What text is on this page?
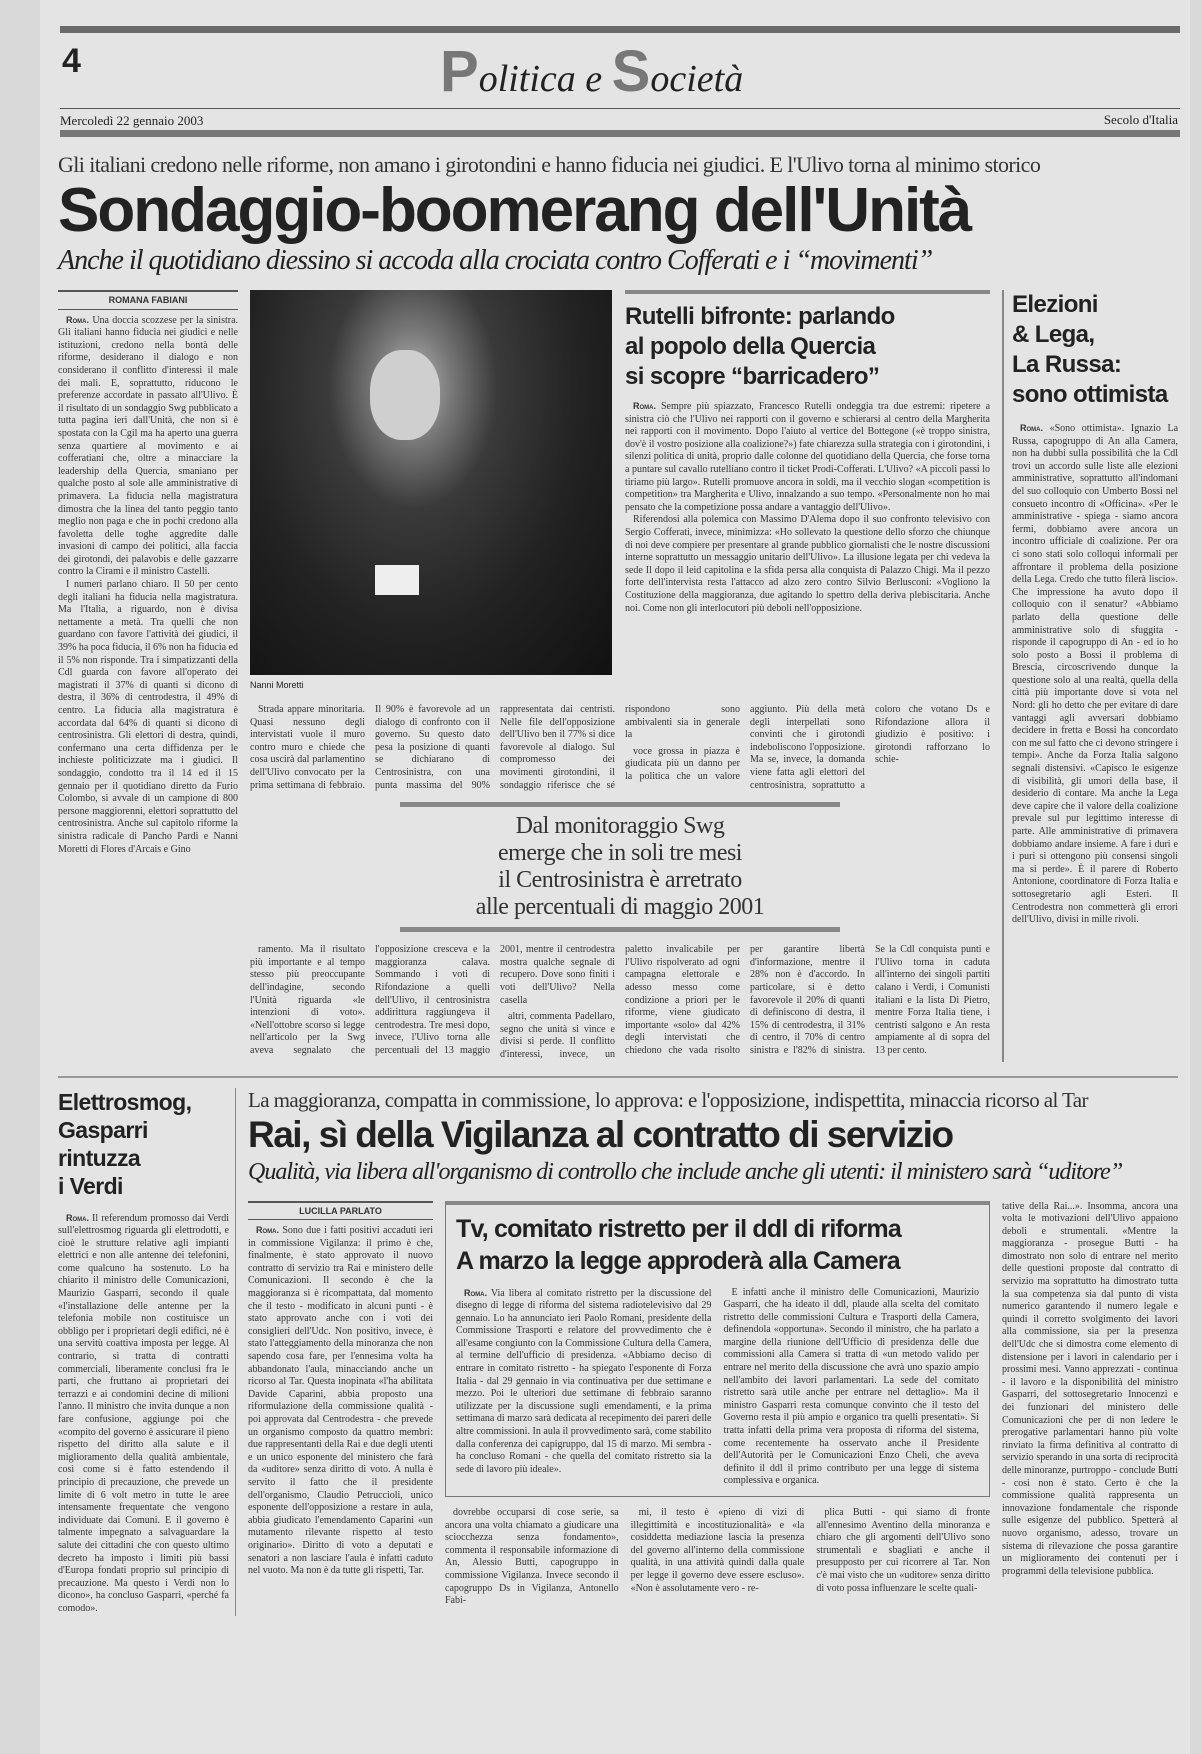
4	Politica e Società
Mercoledì 22 gennaio 2003	Secolo d'Italia
Gli italiani credono nelle riforme, non amano i girotondini e hanno fiducia nei giudici. E l'Ulivo torna al minimo storico
Sondaggio-boomerang dell'Unità
Anche il quotidiano diessino si accoda alla crociata contro Cofferati e i “movimenti”
ROMANA FABIANI

Roma. Una doccia scozzese per la sinistra. Gli italiani hanno fiducia nei giudici e nelle istituzioni, credono nella bontà delle riforme, desiderano il dialogo e non considerano il conflitto d'interessi il male dei mali. E, soprattutto, riducono le preferenze accordate in passato all'Ulivo. È il risultato di un sondaggio Swg pubblicato a tutta pagina ieri dall'Unità, che non si è spostata con la Cgil ma ha aperto una guerra senza quartiere al movimento e ai cofferatiani che, oltre a minacciare la leadership della Quercia, smaniano per qualche posto al sole alle amministrative di primavera. La fiducia nella magistratura dimostra che la linea del tanto peggio tanto meglio non paga e che in pochi credono alla favoletta delle toghe aggredite dalle invasioni di campo dei politici, alla faccia dei girotondi, dei palavobis e delle gazzarre contro la Cirami e il ministro Castelli.

I numeri parlano chiaro. Il 50 per cento degli italiani ha fiducia nella magistratura. Ma l'Italia, a riguardo, non è divisa nettamente a metà. Tra quelli che non guardano con favore l'attività dei giudici, il 39% ha poca fiducia, il 6% non ha fiducia ed il 5% non risponde. Tra i simpatizzanti della Cdl guarda con favore all'operato dei magistrati il 37% di quanti si dicono di destra, il 36% di centrodestra, il 49% di centro. La fiducia alla magistratura è accordata dal 64% di quanti si dicono di centrosinistra. Gli elettori di destra, quindi, confermano una certa diffidenza per le inchieste politicizzate ma i giudici. Il sondaggio, condotto tra il 14 ed il 15 gennaio per il quotidiano diretto da Furio Colombo, si avvale di un campione di 800 persone maggiorenni, elettori soprattutto del centrosinistra. Anche sul capitolo riforme la sinistra radicale di Pancho Pardi e Nanni Moretti di Flores d'Arcais e Gino

Nanni Moretti
Rutelli bifronte: parlando
al popolo della Quercia
si scopre “barricadero”

Roma. Sempre più spiazzato, Francesco Rutelli ondeggia tra due estremi: ripetere a sinistra ciò che l'Ulivo nei rapporti con il governo e schierarsi al centro della Margherita nei rapporti con il movimento. Dopo l'aiuto al vertice del Bottegone («è troppo sinistra, dov'è il vostro posizione alla coalizione?») fate chiarezza sulla strategia con i girotondini, i silenzi politica di unità, proprio dalle colonne del quotidiano della Quercia, che forse torna a puntare sul cavallo rutelliano contro il ticket Prodi-Cofferati. L'Ulivo? «A piccoli passi lo tiriamo più largo». Rutelli promuove ancora in soldi, ma il vecchio slogan «competition is competition» tra Margherita e Ulivo, innalzando a suo tempo. «Personalmente non ho mai pensato che la competizione possa andare a vantaggio dell'Ulivo».

Riferendosi alla polemica con Massimo D'Alema dopo il suo confronto televisivo con Sergio Cofferati, invece, minimizza: «Ho sollevato la questione dello sforzo che chiunque di noi deve compiere per presentare al grande pubblico giornalisti che le nostre discussioni interne soprattutto un messaggio unitario dell'Ulivo». La illusione legata per chi vedeva la sede Il dopo il leid capitolina e la sfida persa alla conquista di Palazzo Chigi. Ma il pezzo forte dell'intervista resta l'attacco ad alzo zero contro Silvio Berlusconi: «Vogliono la Costituzione della maggioranza, due agitando lo spettro della deriva plebiscitaria. Anche noi. Come non gli interlocutori più deboli nell'opposizione.

Strada appare minoritaria. Quasi nessuno degli intervistati vuole il muro contro muro e chiede che cosa uscirà dal parlamentino dell'Ulivo convocato per la prima settimana di febbraio. Il 90% è favorevole ad un dialogo di confronto con il governo. Su questo dato pesa la posizione di quanti se dichiarano di Centrosinistra, con una punta massima del 90% rappresentata dai centristi. Nelle file dell'opposizione dell'Ulivo ben il 77% si dice favorevole al dialogo. Sul compromesso dei movimenti girotondini, il sondaggio riferisce che sé rispondono sono ambivalenti sia in generale la

voce grossa in piazza è giudicata più un danno per la politica che un valore aggiunto. Più della metà degli interpellati sono convinti che i girotondi indeboliscono l'opposizione. Ma se, invece, la domanda viene fatta agli elettori del centrosinistra, soprattutto a coloro che votano Ds e Rifondazione allora il giudizio è positivo: i girotondi rafforzano lo schie-

Dal monitoraggio Swg
emerge che in soli tre mesi
il Centrosinistra è arretrato
alle percentuali di maggio 2001

ramento. Ma il risultato più importante e al tempo stesso più preoccupante dell'indagine, secondo l'Unità riguarda «le intenzioni di voto». «Nell'ottobre scorso si legge nell'articolo per la Swg aveva segnalato che l'opposizione cresceva e la maggioranza calava. Sommando i voti di Rifondazione a quelli dell'Ulivo, il centrosinistra addirittura raggiungeva il centrodestra. Tre mesi dopo, invece, l'Ulivo torna alle percentuali del 13 maggio 2001, mentre il centrodestra mostra qualche segnale di recupero. Dove sono finiti i voti dell'Ulivo? Nella casella

altri, commenta Padellaro, segno che unità si vince e divisi si perde. Il conflitto d'interessi, invece, un paletto invalicabile per l'Ulivo rispolverato ad ogni campagna elettorale e adesso messo come condizione a priori per le riforme, viene giudicato importante «solo» dal 42% degli intervistati che chiedono che vada risolto per garantire libertà d'informazione, mentre il 28% non è d'accordo. In particolare, si è detto favorevole il 20% di quanti di definiscono di destra, il 15% di centrodestra, il 31% di centro, il 70% di centro sinistra e l'82% di sinistra. Se la Cdl conquista punti e l'Ulivo torna in caduta all'interno dei singoli partiti calano i Verdi, i Comunisti italiani e la lista Di Pietro, mentre Forza Italia tiene, i centristi salgono e An resta ampiamente al di sopra del 13 per cento.

Elezioni
& Lega,
La Russa:
sono ottimista

Roma. «Sono ottimista». Ignazio La Russa, capogruppo di An alla Camera, non ha dubbi sulla possibilità che la Cdl trovi un accordo sulle liste alle elezioni amministrative, soprattutto all'indomani del suo colloquio con Umberto Bossi nel consueto incontro di «Officina». «Per le amministrative - spiega - siamo ancora fermi, dobbiamo avere ancora un incontro ufficiale di coalizione. Per ora ci sono stati solo colloqui informali per affrontare il problema della posizione della Lega. Credo che tutto filerà liscio». Che impressione ha avuto dopo il colloquio con il senatur? «Abbiamo parlato della questione delle amministrative solo di sfuggita - risponde il capogruppo di An - ed io ho solo posto a Bossi il problema di Brescia, circoscrivendo dunque la questione solo al una realtà, quella della città più importante dove si vota nel Nord: gli ho detto che per evitare di dare vantaggi agli avversari dobbiamo decidere in fretta e Bossi ha concordato con me sul fatto che ci devono stringere i tempi». Anche da Forza Italia salgono segnali distensivi. «Capisco le esigenze di visibilità, gli umori della base, il desiderio di contare. Ma anche la Lega deve capire che il valore della coalizione prevale sul pur legittimo interesse di parte. Alle amministrative di primavera dobbiamo andare insieme. A fare i duri e i puri si ottengono più consensi singoli ma si perde». È il parere di Roberto Antonione, coordinatore di Forza Italia e sottosegretario agli Esteri. Il Centrodestra non commetterà gli errori dell'Ulivo, divisi in mille rivoli.

Elettrosmog,
Gasparri
rintuzza
i Verdi

Roma. Il referendum promosso dai Verdi sull'elettrosmog riguarda gli elettrodotti, e cioè le strutture relative agli impianti elettrici e non alle antenne dei telefonini, come qualcuno ha sostenuto. Lo ha chiarito il ministro delle Comunicazioni, Maurizio Gasparri, secondo il quale «l'installazione delle antenne per la telefonia mobile non costituisce un obbligo per i proprietari degli edifici, né è una servitù coattiva imposta per legge. Al contrario, si tratta di contratti commerciali, liberamente conclusi fra le parti, che fruttano ai proprietari dei terrazzi e ai condomini decine di milioni l'anno. Il ministro che invita dunque a non fare confusione, aggiunge poi che «compito del governo è assicurare il pieno rispetto del diritto alla salute e il miglioramento della qualità ambientale, così come si è fatto estendendo il principio di precauzione, che prevede un limite di 6 volt metro in tutte le aree intensamente frequentate che vengono individuate dai Comuni. E il governo è talmente impegnato a salvaguardare la salute dei cittadini che con questo ultimo decreto ha imposto i limiti più bassi d'Europa fondati proprio sul principio di precauzione. Ma questo i Verdi non lo dicono», ha concluso Gasparri, «perché fa comodo».

La maggioranza, compatta in commissione, lo approva: e l'opposizione, indispettita, minaccia ricorso al Tar
Rai, sì della Vigilanza al contratto di servizio
Qualità, via libera all'organismo di controllo che include anche gli utenti: il ministero sarà “uditore”
LUCILLA PARLATO

Roma. Sono due i fatti positivi accaduti ieri in commissione Vigilanza: il primo è che, finalmente, è stato approvato il nuovo contratto di servizio tra Rai e ministero delle Comunicazioni. Il secondo è che la maggioranza si è ricompattata, dal momento che il testo - modificato in alcuni punti - è stato approvato anche con i voti dei consiglieri dell'Udc. Non positivo, invece, è stato l'atteggiamento della minoranza che non sapendo cosa fare, per l'ennesima volta ha abbandonato l'aula, minacciando anche un ricorso al Tar. Questa inopinata «l'ha abilitata Davide Caparini, abbia proposto una riformulazione della commissione qualità - poi approvata dal Centrodestra - che prevede un organismo composto da quattro membri: due rappresentanti della Rai e due degli utenti e un unico esponente del ministero che farà da «uditore» senza diritto di voto. A nulla è servito il fatto che il presidente dell'organismo, Claudio Petruccioli, unico esponente dell'opposizione a restare in aula, abbia giudicato l'emendamento Caparini «un mutamento rilevante rispetto al testo originario». Diritto di voto a deputati e senatori a non lasciare l'aula è infatti caduto nel vuoto. Ma non è da tutte gli rispetti, Tar.

Tv, comitato ristretto per il ddl di riforma
A marzo la legge approderà alla Camera

Roma. Via libera al comitato ristretto per la discussione del disegno di legge di riforma del sistema radiotelevisivo dal 29 gennaio. Lo ha annunciato ieri Paolo Romani, presidente della Commissione Trasporti e relatore del provvedimento che è all'esame congiunto con la Commissione Cultura della Camera, al termine dell'ufficio di presidenza. «Abbiamo deciso di entrare in comitato ristretto - ha spiegato l'esponente di Forza Italia - dal 29 gennaio in via continuativa per due settimane e mezzo. Poi le ulteriori due settimane di febbraio saranno utilizzate per la discussione sugli emendamenti, e la prima settimana di marzo sarà dedicata al recepimento dei pareri delle altre commissioni. In aula il provvedimento sarà, come stabilito dalla conferenza dei capigruppo, dal 15 di marzo. Mi sembra - ha concluso Romani - che quella del comitato ristretto sia la sede di lavoro più ideale».

E infatti anche il ministro delle Comunicazioni, Maurizio Gasparri, che ha ideato il ddl, plaude alla scelta del comitato ristretto delle commissioni Cultura e Trasporti della Camera, definendola «opportuna». Secondo il ministro, che ha parlato a margine della riunione dell'Ufficio di presidenza delle due commissioni alla Camera si tratta di «un metodo valido per entrare nel merito della discussione che avrà uno spazio ampio nell'ambito dei lavori parlamentari. La sede del comitato ristretto sarà utile anche per entrare nel dettaglio». Ma il ministro Gasparri resta comunque convinto che il testo del Governo resta il più ampio e organico tra quelli presentati». Si tratta infatti della prima vera proposta di riforma del sistema, come recentemente ha osservato anche il Presidente dell'Autorità per le Comunicazioni Enzo Cheli, che aveva definito il ddl il primo contributo per una legge di sistema complessiva e organica.

dovrebbe occuparsi di cose serie, sa ancora una volta chiamato a giudicare una sciocchezza senza fondamento», commenta il responsabile informazione di An, Alessio Butti, capogruppo in commissione Vigilanza. Invece secondo il capogruppo Ds in Vigilanza, Antonello Fabi-

mi, il testo è «pieno di vizi di illegittimità e incostituzionalità» e «la cosiddetta mediazione lascia la presenza del governo all'interno della commissione qualità, in una attività quindi dalla quale per legge il governo deve essere escluso». «Non è assolutamente vero - re-

plica Butti - qui siamo di fronte all'ennesimo Aventino della minoranza e chiaro che gli argomenti dell'Ulivo sono strumentali e sbagliati e anche il presupposto per cui ricorrere al Tar. Non c'è mai visto che un «uditore» senza diritto di voto possa influenzare le scelte quali-

tative della Rai...». Insomma, ancora una volta le motivazioni dell'Ulivo appaiono deboli e strumentali. «Mentre la maggioranza - prosegue Butti - ha dimostrato non solo di entrare nel merito delle questioni proposte dal contratto di servizio ma soprattutto ha dimostrato tutta la sua competenza sia dal punto di vista numerico garantendo il numero legale e quindi il corretto svolgimento dei lavori alla commissione, sia per la presenza dell'Udc che si dimostra come elemento di distensione per i lavori in calendario per i prossimi mesi. Vanno apprezzati - continua - il lavoro e la disponibilità del ministro Gasparri, del sottosegretario Innocenzi e dei funzionari del ministero delle Comunicazioni che per di non ledere le prerogative parlamentari hanno più volte rinviato la firma definitiva al contratto di servizio sperando in una sorta di reciprocità delle minoranze, purtroppo - conclude Butti - così non è stato. Certo è che la commissione qualità rappresenta un innovazione fondamentale che risponde sulle esigenze del pubblico. Spetterà al nuovo organismo, adesso, trovare un sistema di rilevazione che possa garantire un miglioramento dei contenuti per i programmi della televisione pubblica.
